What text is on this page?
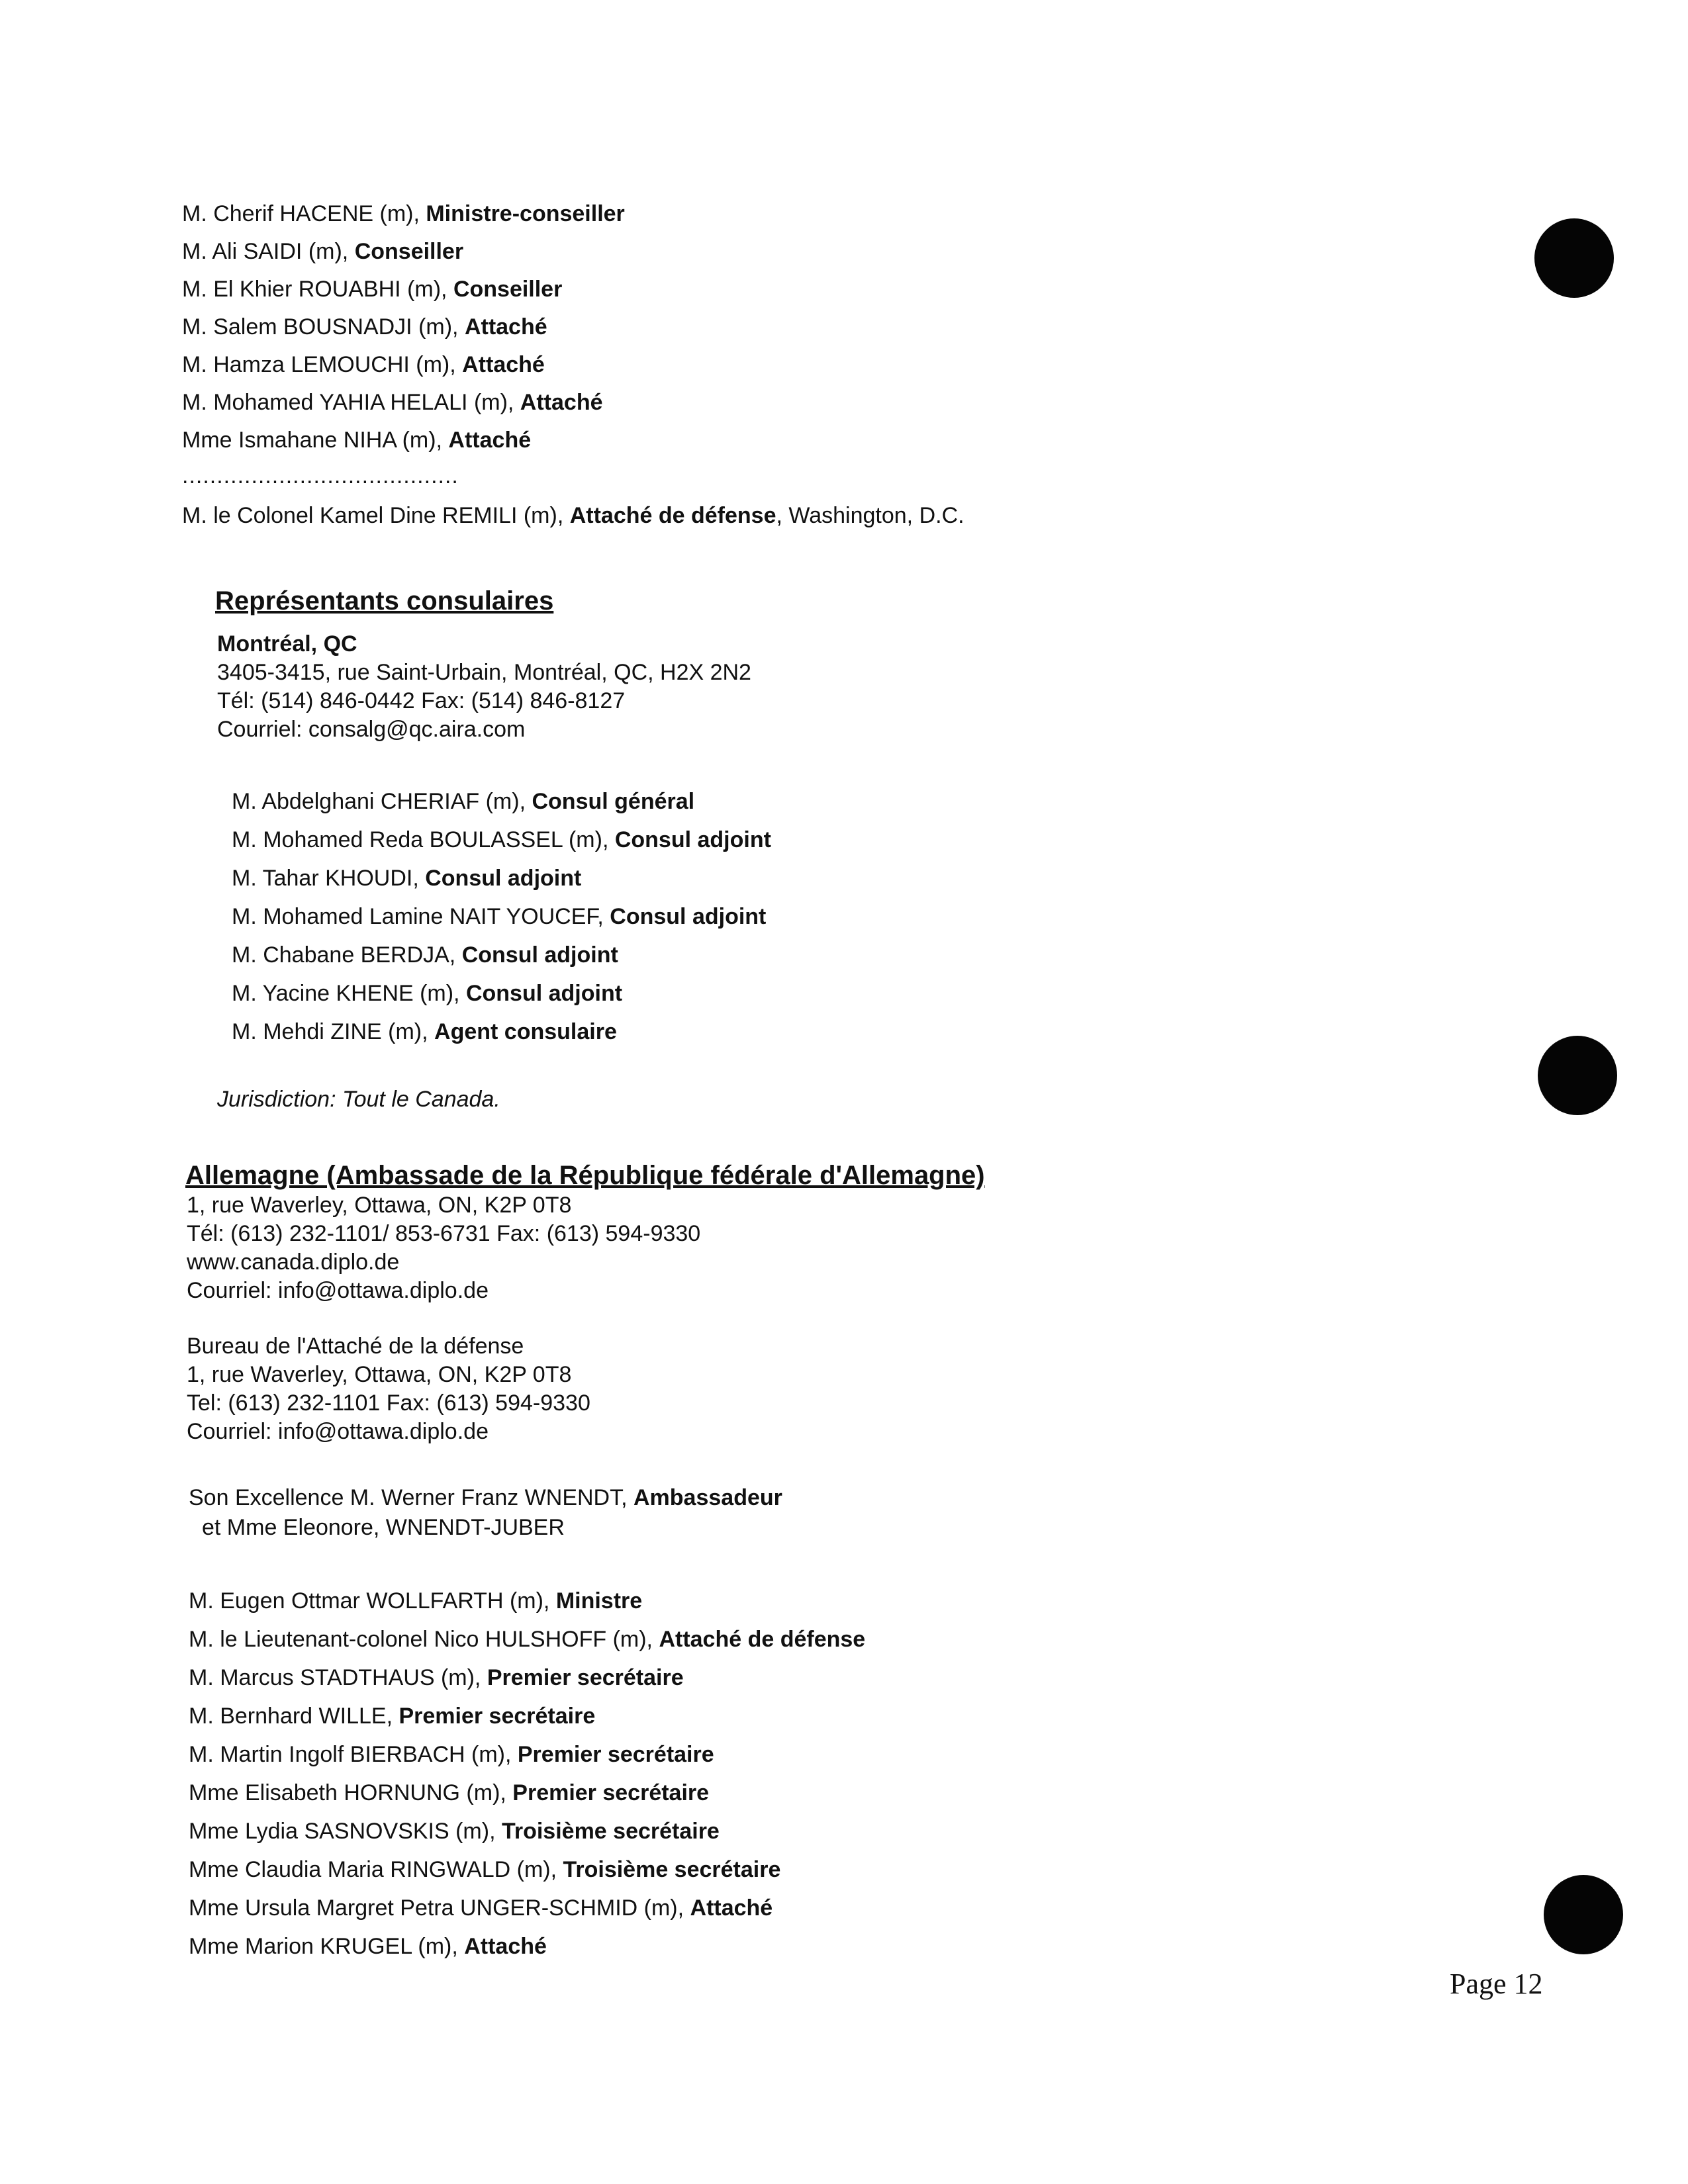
M. Cherif HACENE (m), Ministre-conseiller
M. Ali SAIDI (m), Conseiller
M. El Khier ROUABHI (m), Conseiller
M. Salem BOUSNADJI (m), Attaché
M. Hamza LEMOUCHI (m), Attaché
M. Mohamed YAHIA HELALI (m), Attaché
Mme Ismahane NIHA (m), Attaché
........................................
M. le Colonel Kamel Dine REMILI (m), Attaché de défense, Washington, D.C.
Représentants consulaires
Montréal, QC
3405-3415, rue Saint-Urbain, Montréal, QC, H2X 2N2
Tél: (514) 846-0442 Fax: (514) 846-8127
Courriel: consalg@qc.aira.com
M. Abdelghani CHERIAF (m), Consul général
M. Mohamed Reda BOULASSEL (m), Consul adjoint
M. Tahar KHOUDI, Consul adjoint
M. Mohamed Lamine NAIT YOUCEF, Consul adjoint
M. Chabane BERDJA, Consul adjoint
M. Yacine KHENE (m), Consul adjoint
M. Mehdi ZINE (m), Agent consulaire
Jurisdiction: Tout le Canada.
Allemagne (Ambassade de la République fédérale d'Allemagne)
1, rue Waverley, Ottawa, ON, K2P 0T8
Tél: (613) 232-1101/ 853-6731 Fax: (613) 594-9330
www.canada.diplo.de
Courriel: info@ottawa.diplo.de
Bureau de l'Attaché de la défense
1, rue Waverley, Ottawa, ON, K2P 0T8
Tel: (613) 232-1101 Fax: (613) 594-9330
Courriel: info@ottawa.diplo.de
Son Excellence M. Werner Franz WNENDT, Ambassadeur
et Mme Eleonore, WNENDT-JUBER
M. Eugen Ottmar WOLLFARTH (m), Ministre
M. le Lieutenant-colonel Nico HULSHOFF (m), Attaché de défense
M. Marcus STADTHAUS (m), Premier secrétaire
M. Bernhard WILLE, Premier secrétaire
M. Martin Ingolf BIERBACH (m), Premier secrétaire
Mme Elisabeth HORNUNG (m), Premier secrétaire
Mme Lydia SASNOVSKIS (m), Troisième secrétaire
Mme Claudia Maria RINGWALD (m), Troisième secrétaire
Mme Ursula Margret Petra UNGER-SCHMID (m), Attaché
Mme Marion KRUGEL (m), Attaché
Page 12
